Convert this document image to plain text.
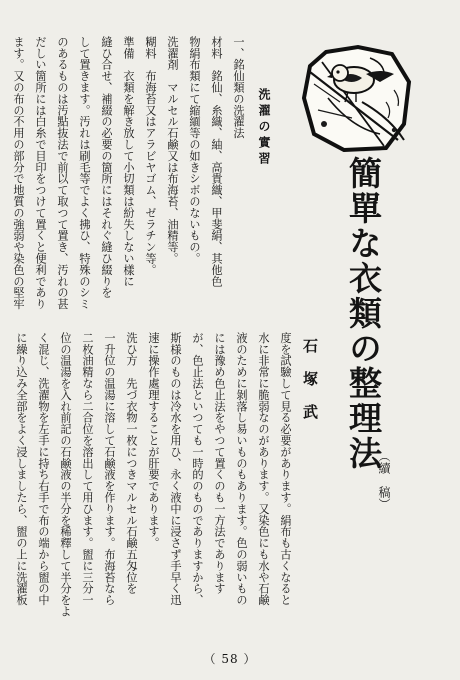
簡單な衣類の整理法
（續　稿）
石塚武
洗濯の實習
一、銘仙類の洗濯法
材料　銘仙、糸織、紬、高貴織、甲斐絹、其他色
物絹布類にて縮緬等の如きシボのないもの。
洗濯剤　マルセル石鹸又は布海苔、油精等。
糊料　布海苔又はアラビヤゴム、ゼラチン等。
準備　衣類を解き放して小切類は紛失しない樣に
縫ひ合せ、補綴の必要の箇所にはそれぐ縫ひ綴りを
して置きます。汚れは刷毛等でよく拂ひ、特殊のシミ
のあるものは汚點抜法で前以て取つて置き、汚れの甚
だしい箇所には白糸で目印をつけて置くと便利であり
ます。又の布の不用の部分で地質の強弱や染色の堅牢
度を試驗して見る必要があります。絹布も古くなると
水に非常に脆弱なのがあります。又染色にも水や石鹸
液のために剝落し易いものもあります。色の弱いもの
には豫め色止法をやつて置くのも一方法であります
が、色止法といつても一時的のものでありますから、
斯様のものは冷水を用ひ、永く液中に浸さず手早く迅
速に操作處理することが肝要であります。
洗ひ方　先づ衣物一枚につきマルセル石鹸五匁位を
一升位の温湯に溶して石鹸液を作ります。布海苔なら
二枚油精なら二合位を溶出して用ひます。盥に三分一
位の温湯を入れ前記の石鹸液の半分を稀釋して半分をよ
く混じ、洗濯物を左手に持ち右手で布の端から盥の中
に繰り込み全部をよく浸しましたら、盥の上に洗濯板
（ 58 ）
